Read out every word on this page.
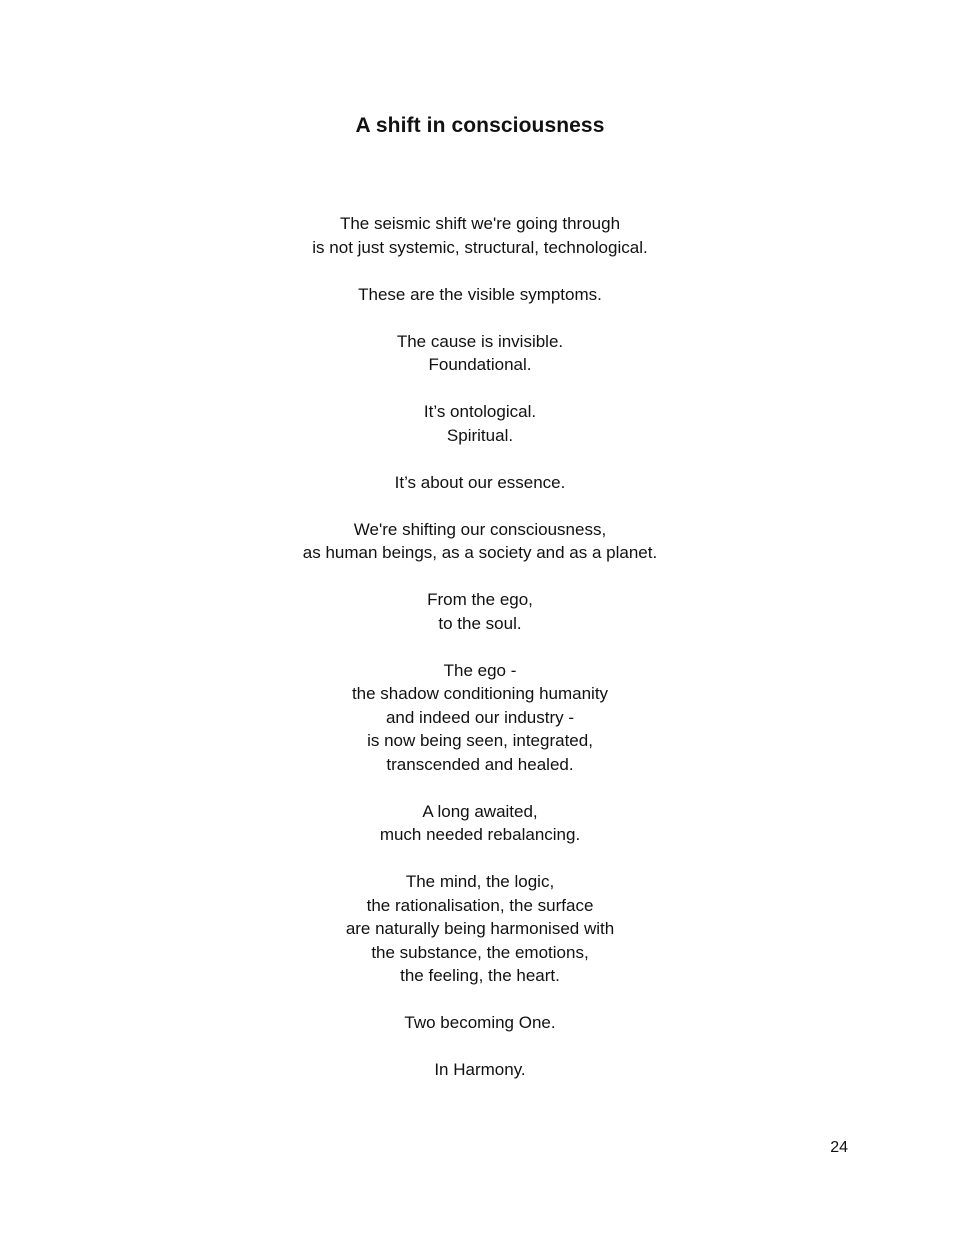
A shift in consciousness

The seismic shift we're going through
is not just systemic, structural, technological.

These are the visible symptoms.

The cause is invisible.
Foundational.

It’s ontological.
Spiritual.

It’s about our essence.

We're shifting our consciousness,
as human beings, as a society and as a planet.

From the ego,
to the soul.

The ego -
the shadow conditioning humanity
and indeed our industry -
is now being seen, integrated,
transcended and healed.

A long awaited,
much needed rebalancing.

The mind, the logic,
the rationalisation, the surface
are naturally being harmonised with
the substance, the emotions,
the feeling, the heart.

Two becoming One.

In Harmony.

24
